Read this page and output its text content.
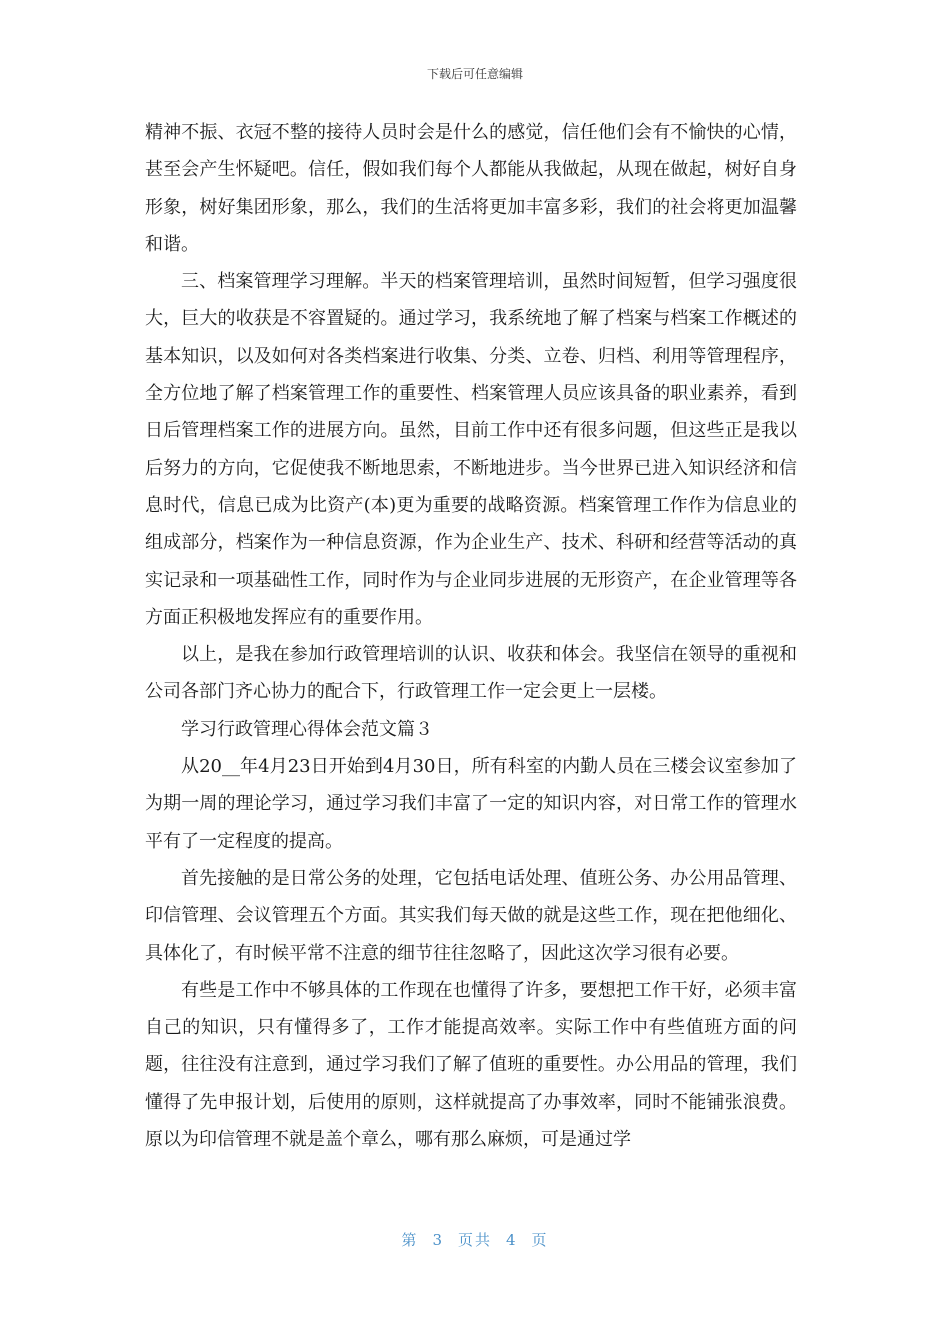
下载后可任意编辑

精神不振、衣冠不整的接待人员时会是什么的感觉，信任他们会有不愉快的心情，甚至会产生怀疑吧。信任，假如我们每个人都能从我做起，从现在做起，树好自身形象，树好集团形象，那么，我们的生活将更加丰富多彩，我们的社会将更加温馨和谐。

三、档案管理学习理解。半天的档案管理培训，虽然时间短暂，但学习强度很大，巨大的收获是不容置疑的。通过学习，我系统地了解了档案与档案工作概述的基本知识，以及如何对各类档案进行收集、分类、立卷、归档、利用等管理程序，全方位地了解了档案管理工作的重要性、档案管理人员应该具备的职业素养，看到日后管理档案工作的进展方向。虽然，目前工作中还有很多问题，但这些正是我以后努力的方向，它促使我不断地思索，不断地进步。当今世界已进入知识经济和信息时代，信息已成为比资产(本)更为重要的战略资源。档案管理工作作为信息业的组成部分，档案作为一种信息资源，作为企业生产、技术、科研和经营等活动的真实记录和一项基础性工作，同时作为与企业同步进展的无形资产，在企业管理等各方面正积极地发挥应有的重要作用。

以上，是我在参加行政管理培训的认识、收获和体会。我坚信在领导的重视和公司各部门齐心协力的配合下，行政管理工作一定会更上一层楼。

学习行政管理心得体会范文篇３

从20__年4月23日开始到4月30日，所有科室的内勤人员在三楼会议室参加了为期一周的理论学习，通过学习我们丰富了一定的知识内容，对日常工作的管理水平有了一定程度的提高。

首先接触的是日常公务的处理，它包括电话处理、值班公务、办公用品管理、印信管理、会议管理五个方面。其实我们每天做的就是这些工作，现在把他细化、具体化了，有时候平常不注意的细节往往忽略了，因此这次学习很有必要。

有些是工作中不够具体的工作现在也懂得了许多，要想把工作干好，必须丰富自己的知识，只有懂得多了，工作才能提高效率。实际工作中有些值班方面的问题，往往没有注意到，通过学习我们了解了值班的重要性。办公用品的管理，我们懂得了先申报计划，后使用的原则，这样就提高了办事效率，同时不能铺张浪费。原以为印信管理不就是盖个章么，哪有那么麻烦，可是通过学

第 3 页共 4 页
